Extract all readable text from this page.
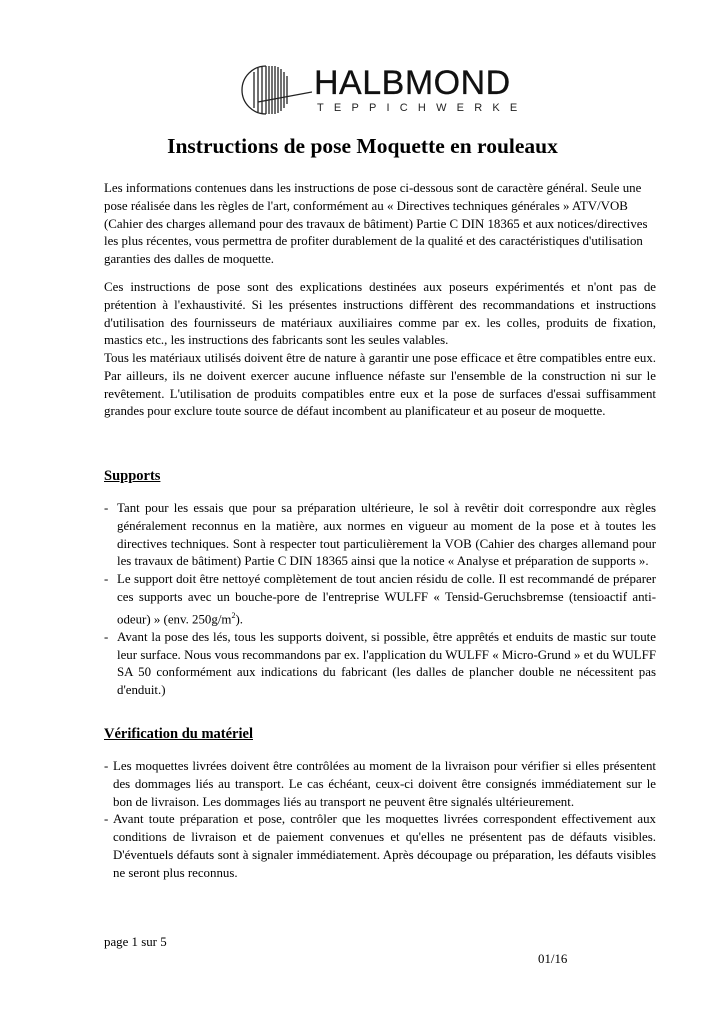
HALBMOND
TEPPICHWERKE
Instructions de pose Moquette en rouleaux

Les informations contenues dans les instructions de pose ci-dessous sont de caractère général. Seule une pose réalisée dans les règles de l'art, conformément au « Directives techniques générales » ATV/VOB (Cahier des charges allemand pour des travaux de bâtiment) Partie C DIN 18365 et aux notices/directives les plus récentes, vous permettra de profiter durablement de la qualité et des caractéristiques d'utilisation garanties des dalles de moquette.

Ces instructions de pose sont des explications destinées aux poseurs expérimentés et n'ont pas de prétention à l'exhaustivité. Si les présentes instructions diffèrent des recommandations et instructions d'utilisation des fournisseurs de matériaux auxiliaires comme par ex. les colles, produits de fixation, mastics etc., les instructions des fabricants sont les seules valables.

Tous les matériaux utilisés doivent être de nature à garantir une pose efficace et être compatibles entre eux. Par ailleurs, ils ne doivent exercer aucune influence néfaste sur l'ensemble de la construction ni sur le revêtement. L'utilisation de produits compatibles entre eux et la pose de surfaces d'essai suffisamment grandes pour exclure toute source de défaut incombent au planificateur et au poseur de moquette.

Supports
- Tant pour les essais que pour sa préparation ultérieure, le sol à revêtir doit correspondre aux règles généralement reconnus en la matière, aux normes en vigueur au moment de la pose et à toutes les directives techniques. Sont à respecter tout particulièrement la VOB (Cahier des charges allemand pour les travaux de bâtiment) Partie C DIN 18365 ainsi que la notice « Analyse et préparation de supports ».
- Le support doit être nettoyé complètement de tout ancien résidu de colle. Il est recommandé de préparer ces supports avec un bouche-pore de l'entreprise WULFF « Tensid-Geruchsbremse (tensioactif anti-odeur) » (env. $250g/m^2$).
- Avant la pose des lés, tous les supports doivent, si possible, être apprêtés et enduits de mastic sur toute leur surface. Nous vous recommandons par ex. l'application du WULFF « Micro-Grund » et du WULFF SA 50 conformément aux indications du fabricant (les dalles de plancher double ne nécessitent pas d'enduit.)
Vérification du matériel
- Les moquettes livrées doivent être contrôlées au moment de la livraison pour vérifier si elles présentent des dommages liés au transport. Le cas échéant, ceux-ci doivent être consignés immédiatement sur le bon de livraison. Les dommages liés au transport ne peuvent être signalés ultérieurement.
- Avant toute préparation et pose, contrôler que les moquettes livrées correspondent effectivement aux conditions de livraison et de paiement convenues et qu'elles ne présentent pas de défauts visibles. D'éventuels défauts sont à signaler immédiatement. Après découpage ou préparation, les défauts visibles ne seront plus reconnus.
page 1 sur 5
01/16
